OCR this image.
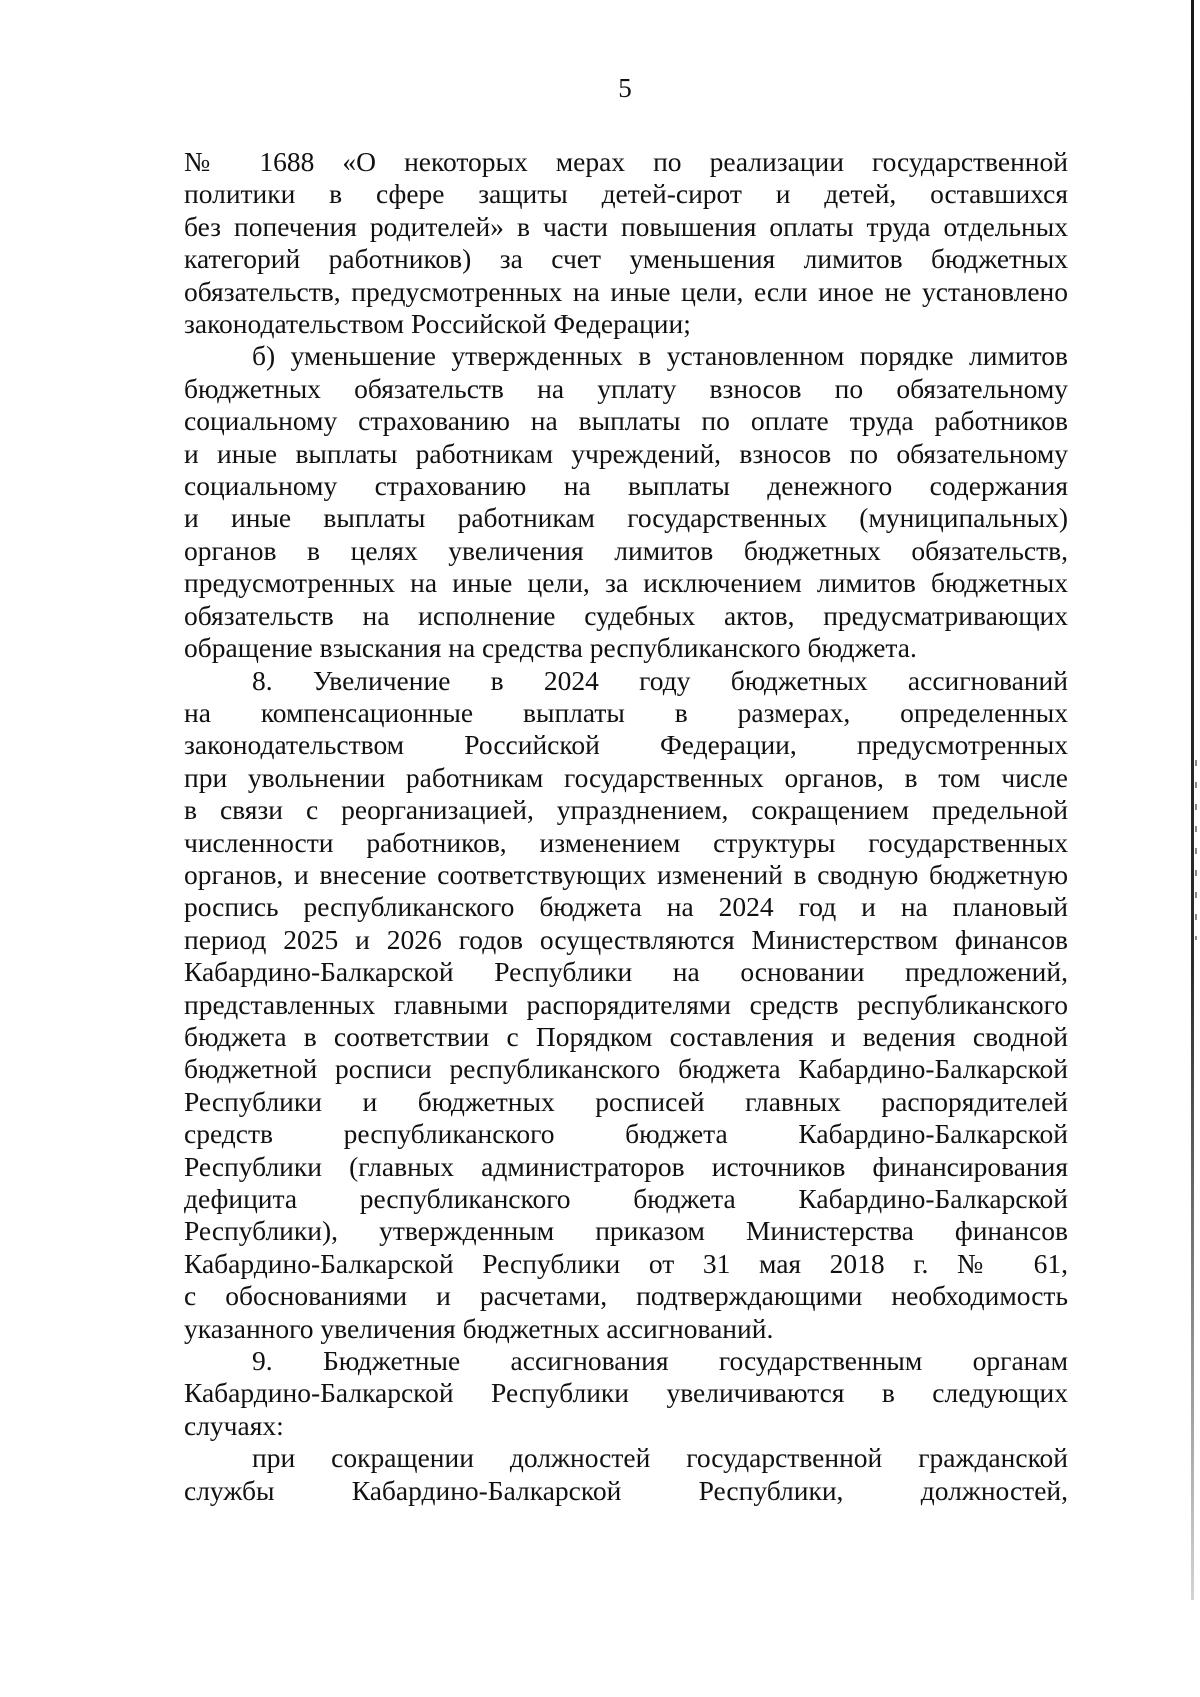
5
№ 1688 «О некоторых мерах по реализации государственной
политики в сфере защиты детей-сирот и детей, оставшихся
без попечения родителей» в части повышения оплаты труда отдельных
категорий работников) за счет уменьшения лимитов бюджетных
обязательств, предусмотренных на иные цели, если иное не установлено
законодательством Российской Федерации;
б) уменьшение утвержденных в установленном порядке лимитов
бюджетных обязательств на уплату взносов по обязательному
социальному страхованию на выплаты по оплате труда работников
и иные выплаты работникам учреждений, взносов по обязательному
социальному страхованию на выплаты денежного содержания
и иные выплаты работникам государственных (муниципальных)
органов в целях увеличения лимитов бюджетных обязательств,
предусмотренных на иные цели, за исключением лимитов бюджетных
обязательств на исполнение судебных актов, предусматривающих
обращение взыскания на средства республиканского бюджета.
8. Увеличение в 2024 году бюджетных ассигнований
на компенсационные выплаты в размерах, определенных
законодательством Российской Федерации, предусмотренных
при увольнении работникам государственных органов, в том числе
в связи с реорганизацией, упразднением, сокращением предельной
численности работников, изменением структуры государственных
органов, и внесение соответствующих изменений в сводную бюджетную
роспись республиканского бюджета на 2024 год и на плановый
период 2025 и 2026 годов осуществляются Министерством финансов
Кабардино-Балкарской Республики на основании предложений,
представленных главными распорядителями средств республиканского
бюджета в соответствии с Порядком составления и ведения сводной
бюджетной росписи республиканского бюджета Кабардино-Балкарской
Республики и бюджетных росписей главных распорядителей
средств республиканского бюджета Кабардино-Балкарской
Республики (главных администраторов источников финансирования
дефицита республиканского бюджета Кабардино-Балкарской
Республики), утвержденным приказом Министерства финансов
Кабардино-Балкарской Республики от 31 мая 2018 г. № 61,
с обоснованиями и расчетами, подтверждающими необходимость
указанного увеличения бюджетных ассигнований.
9. Бюджетные ассигнования государственным органам
Кабардино-Балкарской Республики увеличиваются в следующих
случаях:
при сокращении должностей государственной гражданской
службы Кабардино-Балкарской Республики, должностей,
